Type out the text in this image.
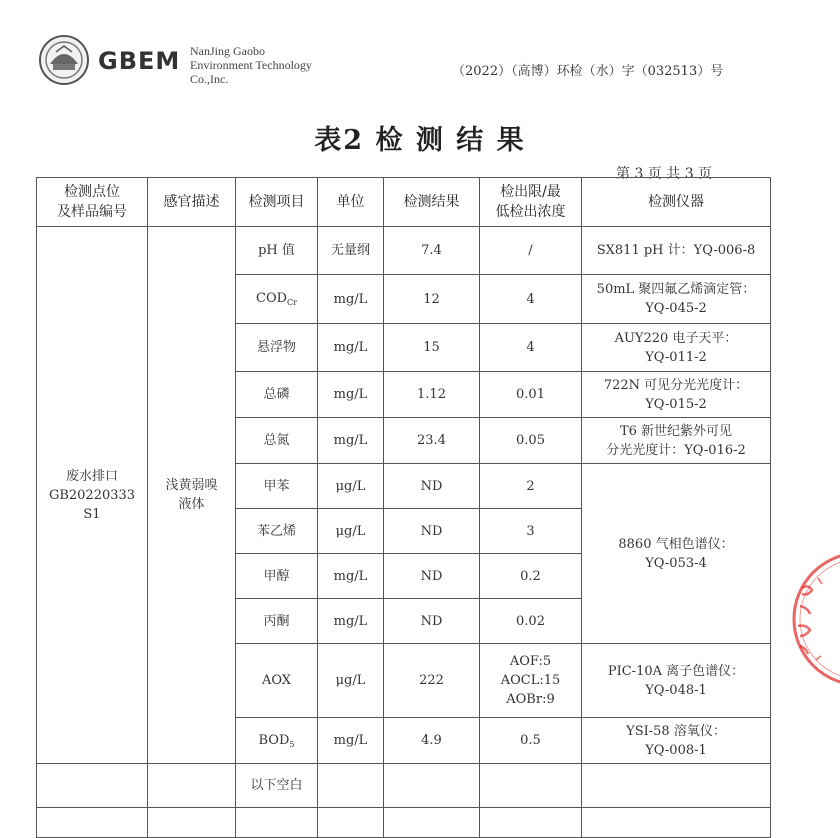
GBEM NanJing Gaobo
Environment Technology
Co.,Inc.	（2022）（高博）环检（水）字（032513）号
表2 检 测 结 果
第 3 页 共 3 页
检测点位
及样品编号	感官描述	检测项目	单位	检测结果	检出限/最
低检出浓度	检测仪器

废水排口
GB20220333
S1	浅黄弱嗅
液体	pH 值	无量纲	7.4	/	SX811 pH 计：YQ-006-8
		$COD_{Cr}$	mg/L	12	4	50mL 聚四氟乙烯滴定管：
YQ-045-2

		悬浮物	mg/L	15	4	AUY220 电子天平：
YQ-011-2

		总磷	mg/L	1.12	0.01	722N 可见分光光度计：
YQ-015-2

		总氮	mg/L	23.4	0.05	T6 新世纪紫外可见
分光光度计：YQ-016-2

		甲苯	μg/L	ND	2	8860 气相色谱仪：
YQ-053-4

		苯乙烯	μg/L	ND	3	
		甲醇	mg/L	ND	0.2	
		丙酮	mg/L	ND	0.02	
		AOX	μg/L	222	AOF:5
AOCL:15
AOBr:9	PIC-10A 离子色谱仪：
YQ-048-1

		$BOD_5$	mg/L	4.9	0.5	YSI-58 溶氧仪：
YQ-008-1

		以下空白				
